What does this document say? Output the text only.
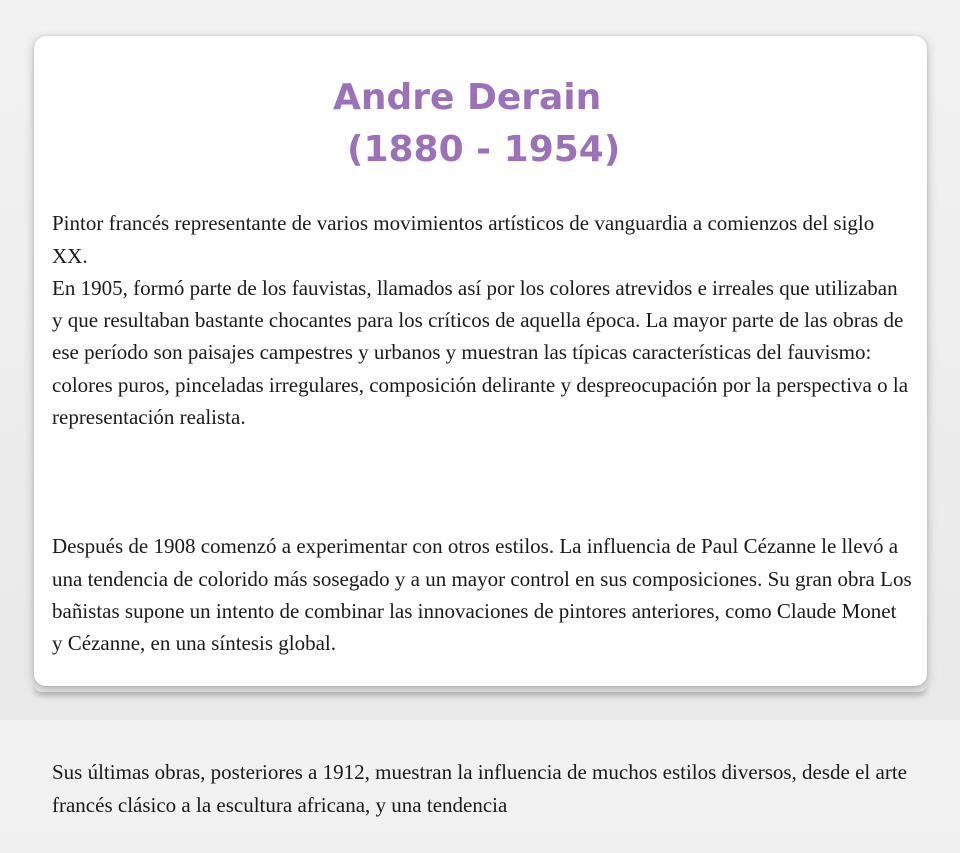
Andre Derain
(1880 - 1954)

Pintor francés representante de varios movimientos artísticos de vanguardia a comienzos del siglo XX.
En 1905, formó parte de los fauvistas, llamados así por los colores atrevidos e irreales que utilizaban y que resultaban bastante chocantes para los críticos de aquella época. La mayor parte de las obras de ese período son paisajes campestres y urbanos y muestran las típicas características del fauvismo: colores puros, pinceladas irregulares, composición delirante y despreocupación por la perspectiva o la representación realista.

Después de 1908 comenzó a experimentar con otros estilos. La influencia de Paul Cézanne le llevó a una tendencia de colorido más sosegado y a un mayor control en sus composiciones. Su gran obra Los bañistas supone un intento de combinar las innovaciones de pintores anteriores, como Claude Monet y Cézanne, en una síntesis global.

Sus últimas obras, posteriores a 1912, muestran la influencia de muchos estilos diversos, desde el arte francés clásico a la escultura africana, y una tendencia
